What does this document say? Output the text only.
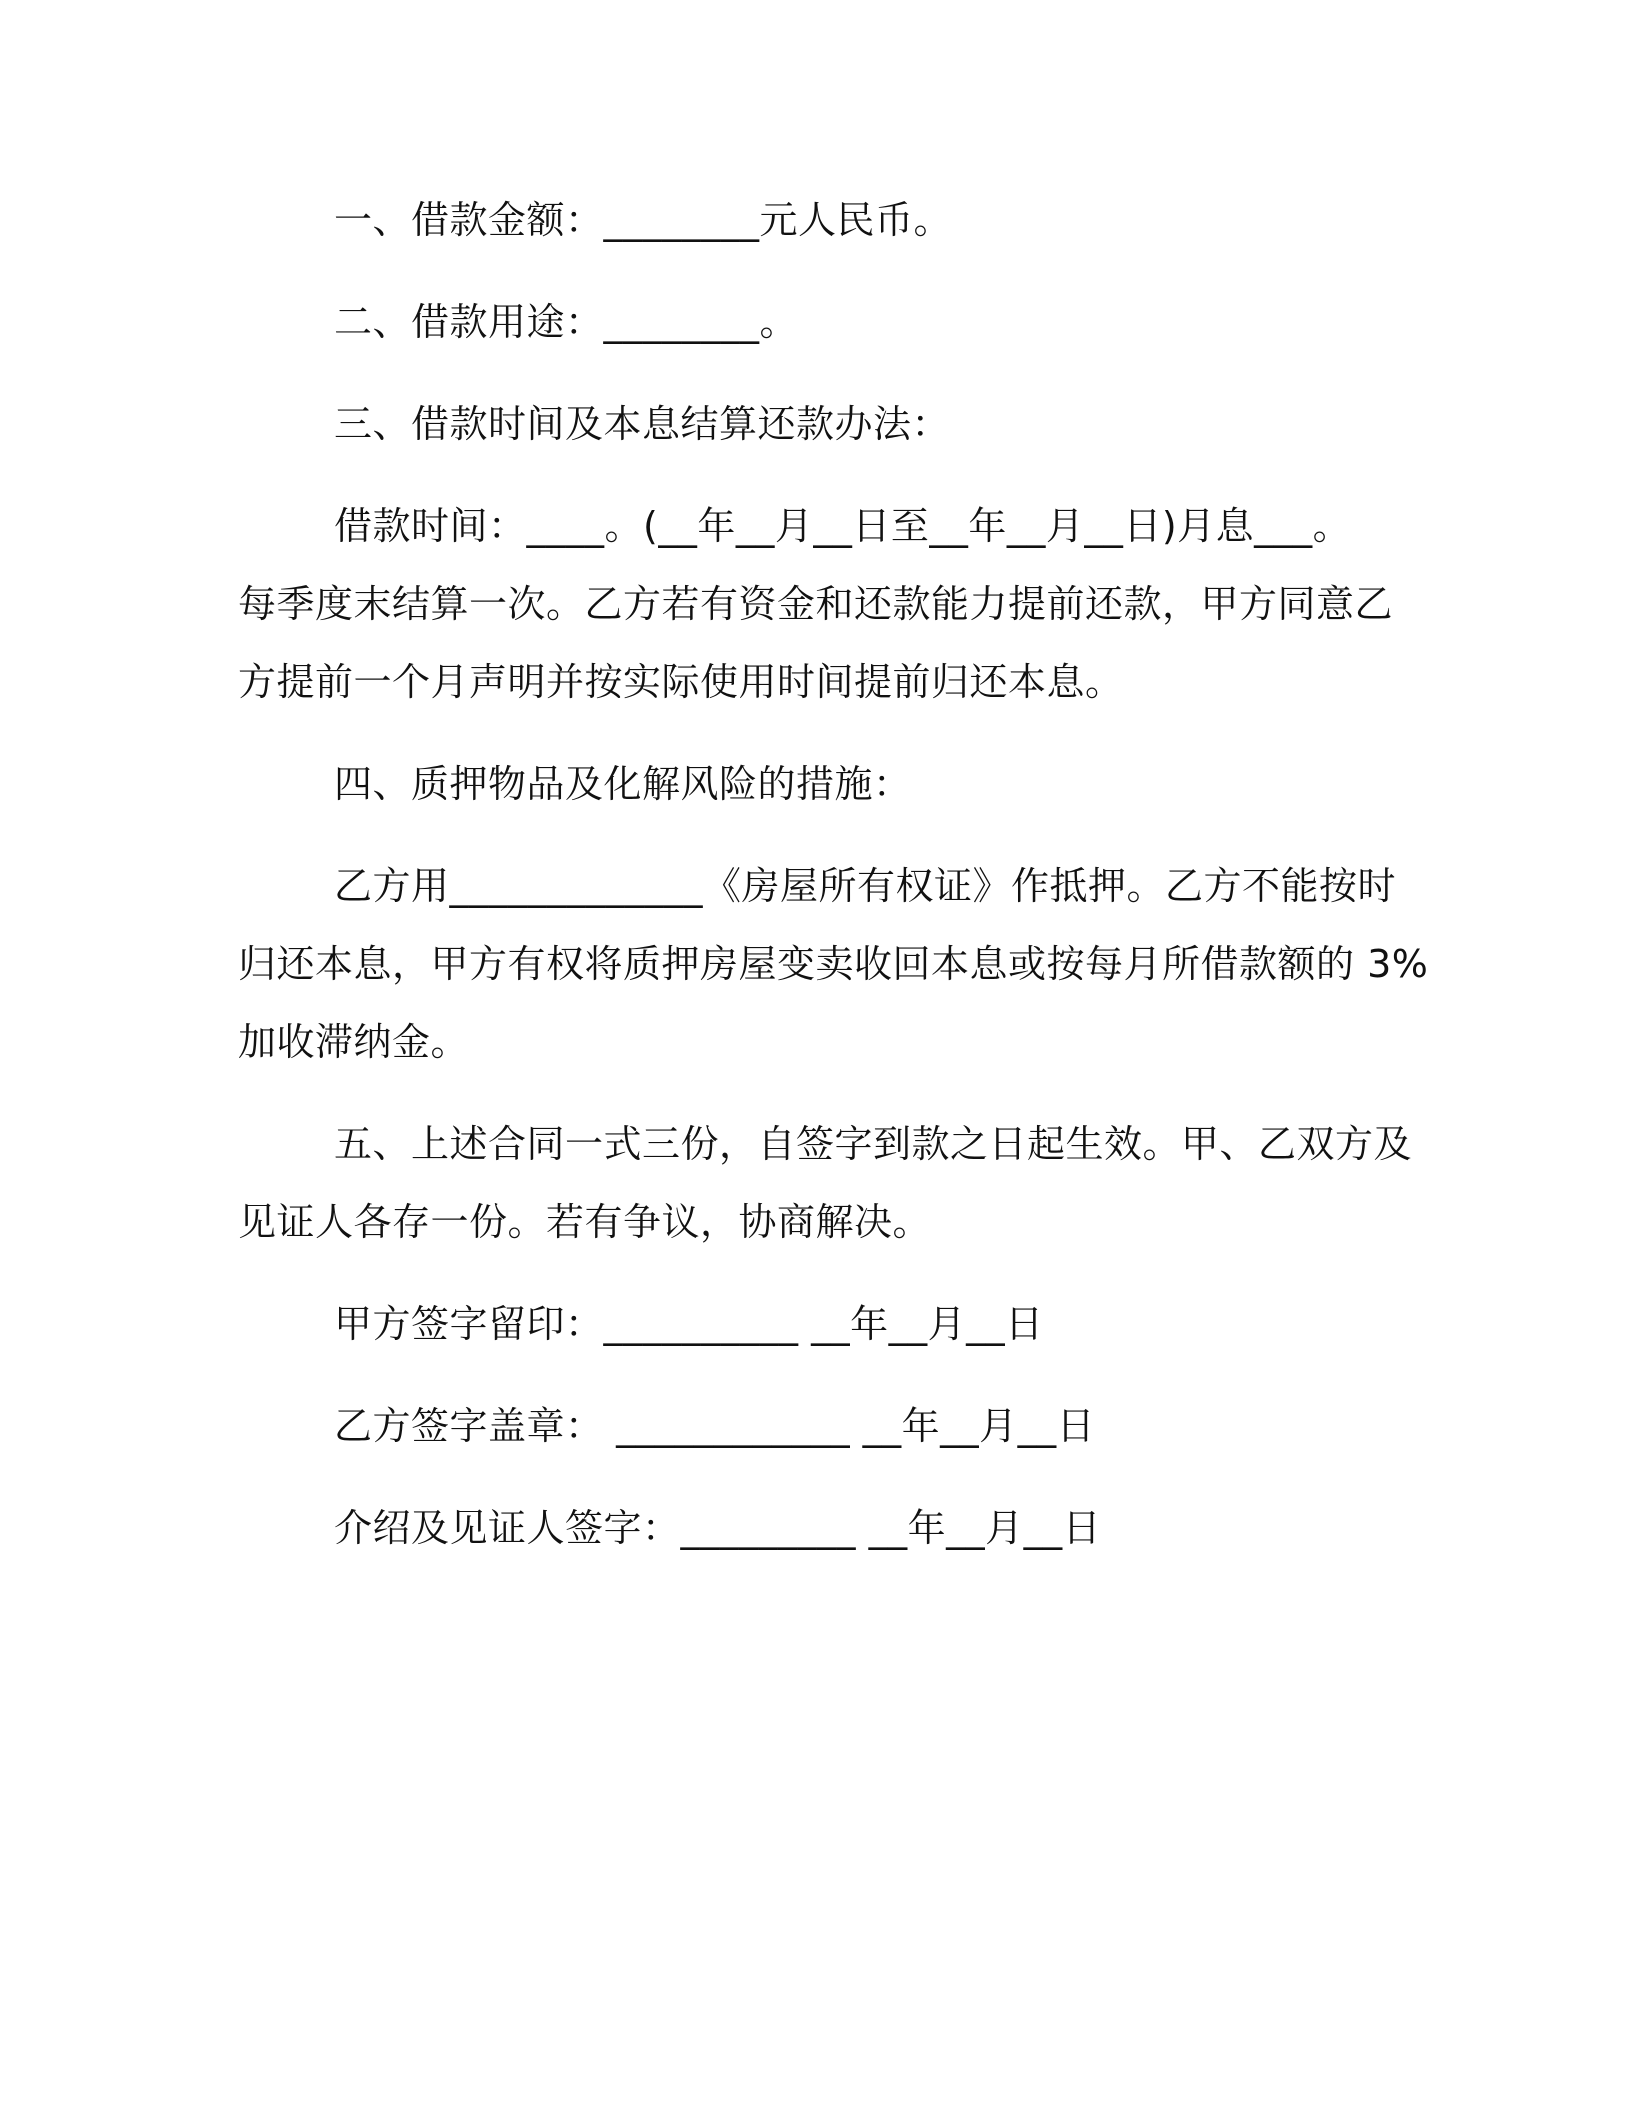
一、借款金额：________元人民币。
二、借款用途：________。
三、借款时间及本息结算还款办法：
借款时间：____。(__年__月__日至__年__月__日)月息___。
每季度末结算一次。乙方若有资金和还款能力提前还款，甲方同意乙
方提前一个月声明并按实际使用时间提前归还本息。
四、质押物品及化解风险的措施：
乙方用_____________《房屋所有权证》作抵押。乙方不能按时
归还本息，甲方有权将质押房屋变卖收回本息或按每月所借款额的 3%
加收滞纳金。
五、上述合同一式三份，自签字到款之日起生效。甲、乙双方及
见证人各存一份。若有争议，协商解决。
甲方签字留印：__________ __年__月__日
乙方签字盖章： ____________ __年__月__日
介绍及见证人签字：_________ __年__月__日
